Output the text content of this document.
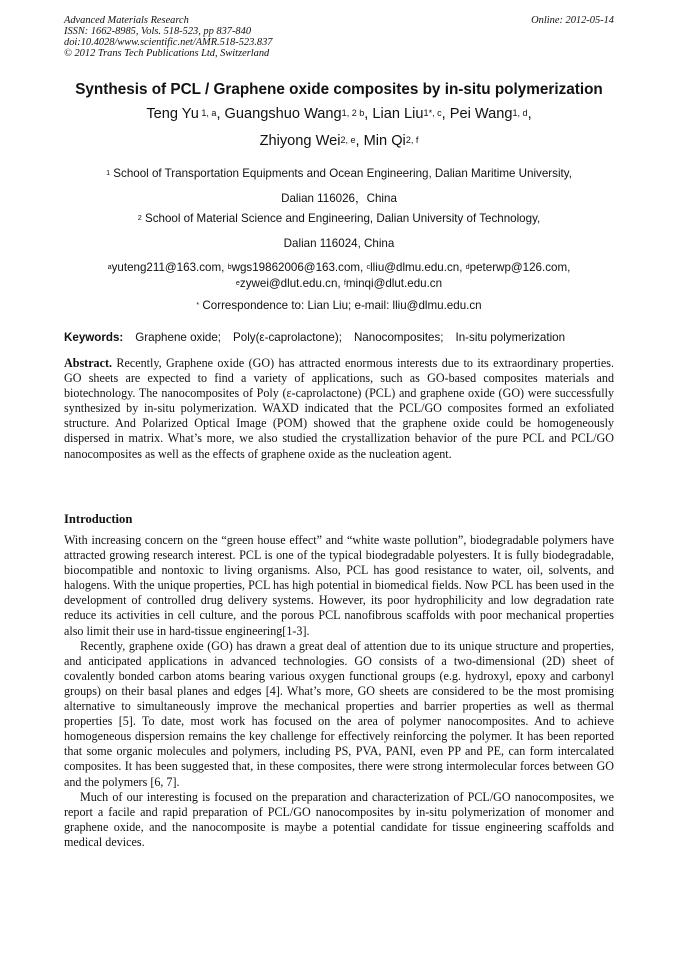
Advanced Materials Research
ISSN: 1662-8985, Vols. 518-523, pp 837-840
doi:10.4028/www.scientific.net/AMR.518-523.837
© 2012 Trans Tech Publications Ltd, Switzerland
Online: 2012-05-14
Synthesis of PCL / Graphene oxide composites by in-situ polymerization
Teng Yu $^{1, a}$, Guangshuo Wang$^{1, 2 b}$, Lian Liu$^{1*, c}$, Pei Wang$^{1, d}$,
Zhiyong Wei$^{2, e}$, Min Qi$^{2, f}$
$^1$ School of Transportation Equipments and Ocean Engineering, Dalian Maritime University,
Dalian 116026，China
$^2$ School of Material Science and Engineering, Dalian University of Technology,
Dalian 116024, China
$^a$yuteng211@163.com, $^b$wgs19862006@163.com, $^c$lliu@dlmu.edu.cn, $^d$peterwp@126.com,
$^e$zywei@dlut.edu.cn, $^f$minqi@dlut.edu.cn
* Correspondence to: Lian Liu; e-mail: lliu@dlmu.edu.cn
Keywords: Graphene oxide; Poly(ε-caprolactone); Nanocomposites; In-situ polymerization

Abstract. Recently, Graphene oxide (GO) has attracted enormous interests due to its extraordinary properties. GO sheets are expected to find a variety of applications, such as GO-based composites materials and biotechnology. The nanocomposites of Poly (ε-caprolactone) (PCL) and graphene oxide (GO) were successfully synthesized by in-situ polymerization. WAXD indicated that the PCL/GO composites formed an exfoliated structure. And Polarized Optical Image (POM) showed that the graphene oxide could be homogeneously dispersed in matrix. What’s more, we also studied the crystallization behavior of the pure PCL and PCL/GO nanocomposites as well as the effects of graphene oxide as the nucleation agent.

Introduction

With increasing concern on the “green house effect” and “white waste pollution”, biodegradable polymers have attracted growing research interest. PCL is one of the typical biodegradable polyesters. It is fully biodegradable, biocompatible and nontoxic to living organisms. Also, PCL has good resistance to water, oil, solvents, and halogens. With the unique properties, PCL has high potential in biomedical fields. Now PCL has been used in the development of controlled drug delivery systems. However, its poor hydrophilicity and low degradation rate reduce its activities in cell culture, and the porous PCL nanofibrous scaffolds with poor mechanical properties also limit their use in hard-tissue engineering[1-3].

Recently, graphene oxide (GO) has drawn a great deal of attention due to its unique structure and properties, and anticipated applications in advanced technologies. GO consists of a two-dimensional (2D) sheet of covalently bonded carbon atoms bearing various oxygen functional groups (e.g. hydroxyl, epoxy and carbonyl groups) on their basal planes and edges [4]. What’s more, GO sheets are considered to be the most promising alternative to simultaneously improve the mechanical properties and barrier properties as well as thermal properties [5]. To date, most work has focused on the area of polymer nanocomposites. And to achieve homogeneous dispersion remains the key challenge for effectively reinforcing the polymer. It has been reported that some organic molecules and polymers, including PS, PVA, PANI, even PP and PE, can form intercalated composites. It has been suggested that, in these composites, there were strong intermolecular forces between GO and the polymers [6, 7].

Much of our interesting is focused on the preparation and characterization of PCL/GO nanocomposites, we report a facile and rapid preparation of PCL/GO nanocomposites by in-situ polymerization of monomer and graphene oxide, and the nanocomposite is maybe a potential candidate for tissue engineering scaffolds and medical devices.
